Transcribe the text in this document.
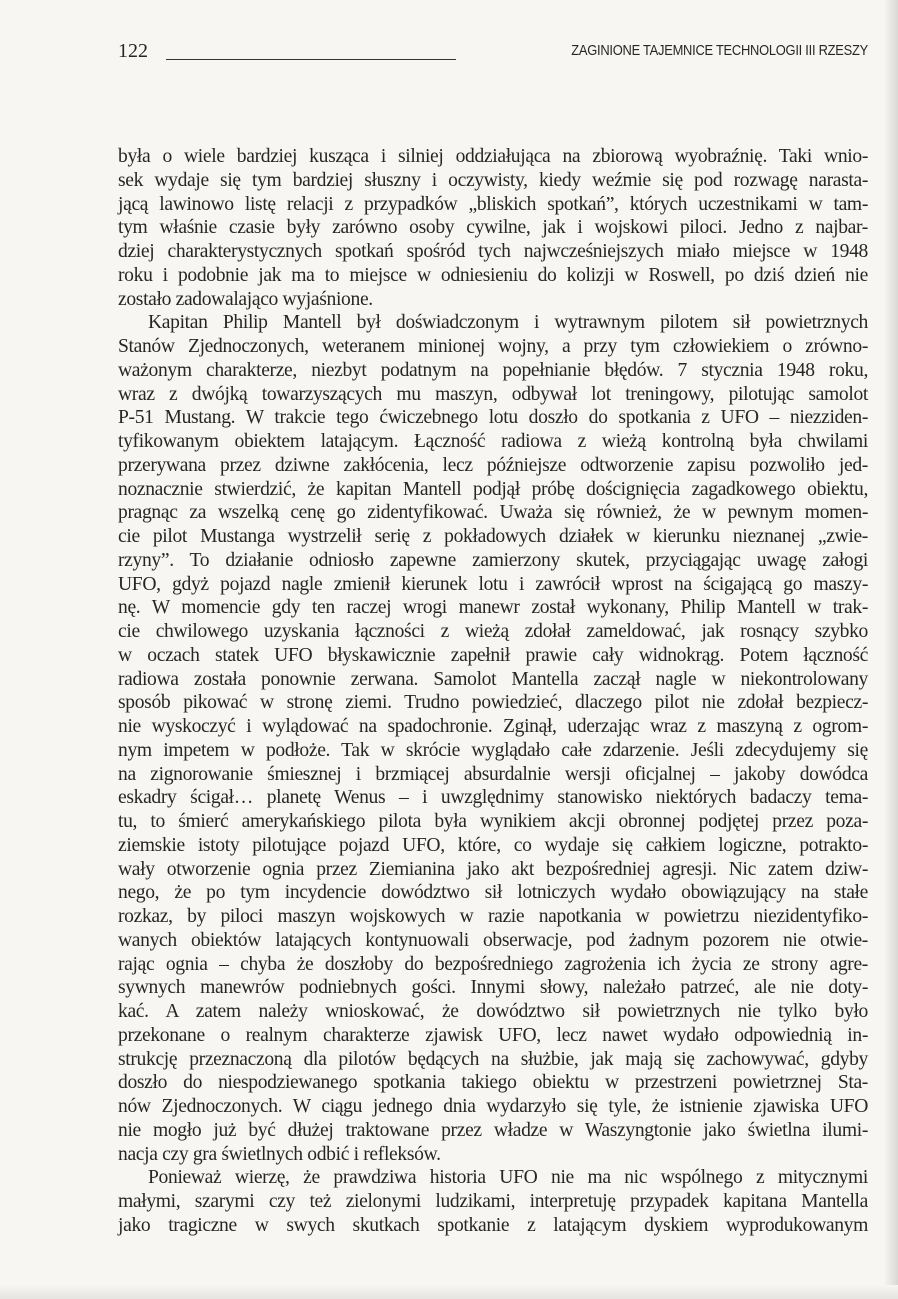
122	ZAGINIONE TAJEMNICE TECHNOLOGII III RZESZY
była o wiele bardziej kusząca i silniej oddziałująca na zbiorową wyobraźnię. Taki wnio-
sek wydaje się tym bardziej słuszny i oczywisty, kiedy weźmie się pod rozwagę narasta-
jącą lawinowo listę relacji z przypadków „bliskich spotkań”, których uczestnikami w tam-
tym właśnie czasie były zarówno osoby cywilne, jak i wojskowi piloci. Jedno z najbar-
dziej charakterystycznych spotkań spośród tych najwcześniejszych miało miejsce w 1948
roku i podobnie jak ma to miejsce w odniesieniu do kolizji w Roswell, po dziś dzień nie
zostało zadowalająco wyjaśnione.
Kapitan Philip Mantell był doświadczonym i wytrawnym pilotem sił powietrznych
Stanów Zjednoczonych, weteranem minionej wojny, a przy tym człowiekiem o zrówno-
ważonym charakterze, niezbyt podatnym na popełnianie błędów. 7 stycznia 1948 roku,
wraz z dwójką towarzyszących mu maszyn, odbywał lot treningowy, pilotując samolot
P-51 Mustang. W trakcie tego ćwiczebnego lotu doszło do spotkania z UFO – niezziden-
tyfikowanym obiektem latającym. Łączność radiowa z wieżą kontrolną była chwilami
przerywana przez dziwne zakłócenia, lecz późniejsze odtworzenie zapisu pozwoliło jed-
noznacznie stwierdzić, że kapitan Mantell podjął próbę doścignięcia zagadkowego obiektu,
pragnąc za wszelką cenę go zidentyfikować. Uważa się również, że w pewnym momen-
cie pilot Mustanga wystrzelił serię z pokładowych działek w kierunku nieznanej „zwie-
rzyny”. To działanie odniosło zapewne zamierzony skutek, przyciągając uwagę załogi
UFO, gdyż pojazd nagle zmienił kierunek lotu i zawrócił wprost na ścigającą go maszy-
nę. W momencie gdy ten raczej wrogi manewr został wykonany, Philip Mantell w trak-
cie chwilowego uzyskania łączności z wieżą zdołał zameldować, jak rosnący szybko
w oczach statek UFO błyskawicznie zapełnił prawie cały widnokrąg. Potem łączność
radiowa została ponownie zerwana. Samolot Mantella zaczął nagle w niekontrolowany
sposób pikować w stronę ziemi. Trudno powiedzieć, dlaczego pilot nie zdołał bezpiecz-
nie wyskoczyć i wylądować na spadochronie. Zginął, uderzając wraz z maszyną z ogrom-
nym impetem w podłoże. Tak w skrócie wyglądało całe zdarzenie. Jeśli zdecydujemy się
na zignorowanie śmiesznej i brzmiącej absurdalnie wersji oficjalnej – jakoby dowódca
eskadry ścigał… planetę Wenus – i uwzględnimy stanowisko niektórych badaczy tema-
tu, to śmierć amerykańskiego pilota była wynikiem akcji obronnej podjętej przez poza-
ziemskie istoty pilotujące pojazd UFO, które, co wydaje się całkiem logiczne, potrakto-
wały otworzenie ognia przez Ziemianina jako akt bezpośredniej agresji. Nic zatem dziw-
nego, że po tym incydencie dowództwo sił lotniczych wydało obowiązujący na stałe
rozkaz, by piloci maszyn wojskowych w razie napotkania w powietrzu niezidentyfiko-
wanych obiektów latających kontynuowali obserwacje, pod żadnym pozorem nie otwie-
rając ognia – chyba że doszłoby do bezpośredniego zagrożenia ich życia ze strony agre-
sywnych manewrów podniebnych gości. Innymi słowy, należało patrzeć, ale nie doty-
kać. A zatem należy wnioskować, że dowództwo sił powietrznych nie tylko było
przekonane o realnym charakterze zjawisk UFO, lecz nawet wydało odpowiednią in-
strukcję przeznaczoną dla pilotów będących na służbie, jak mają się zachowywać, gdyby
doszło do niespodziewanego spotkania takiego obiektu w przestrzeni powietrznej Sta-
nów Zjednoczonych. W ciągu jednego dnia wydarzyło się tyle, że istnienie zjawiska UFO
nie mogło już być dłużej traktowane przez władze w Waszyngtonie jako świetlna ilumi-
nacja czy gra świetlnych odbić i refleksów.
Ponieważ wierzę, że prawdziwa historia UFO nie ma nic wspólnego z mitycznymi
małymi, szarymi czy też zielonymi ludzikami, interpretuję przypadek kapitana Mantella
jako tragiczne w swych skutkach spotkanie z latającym dyskiem wyprodukowanym
